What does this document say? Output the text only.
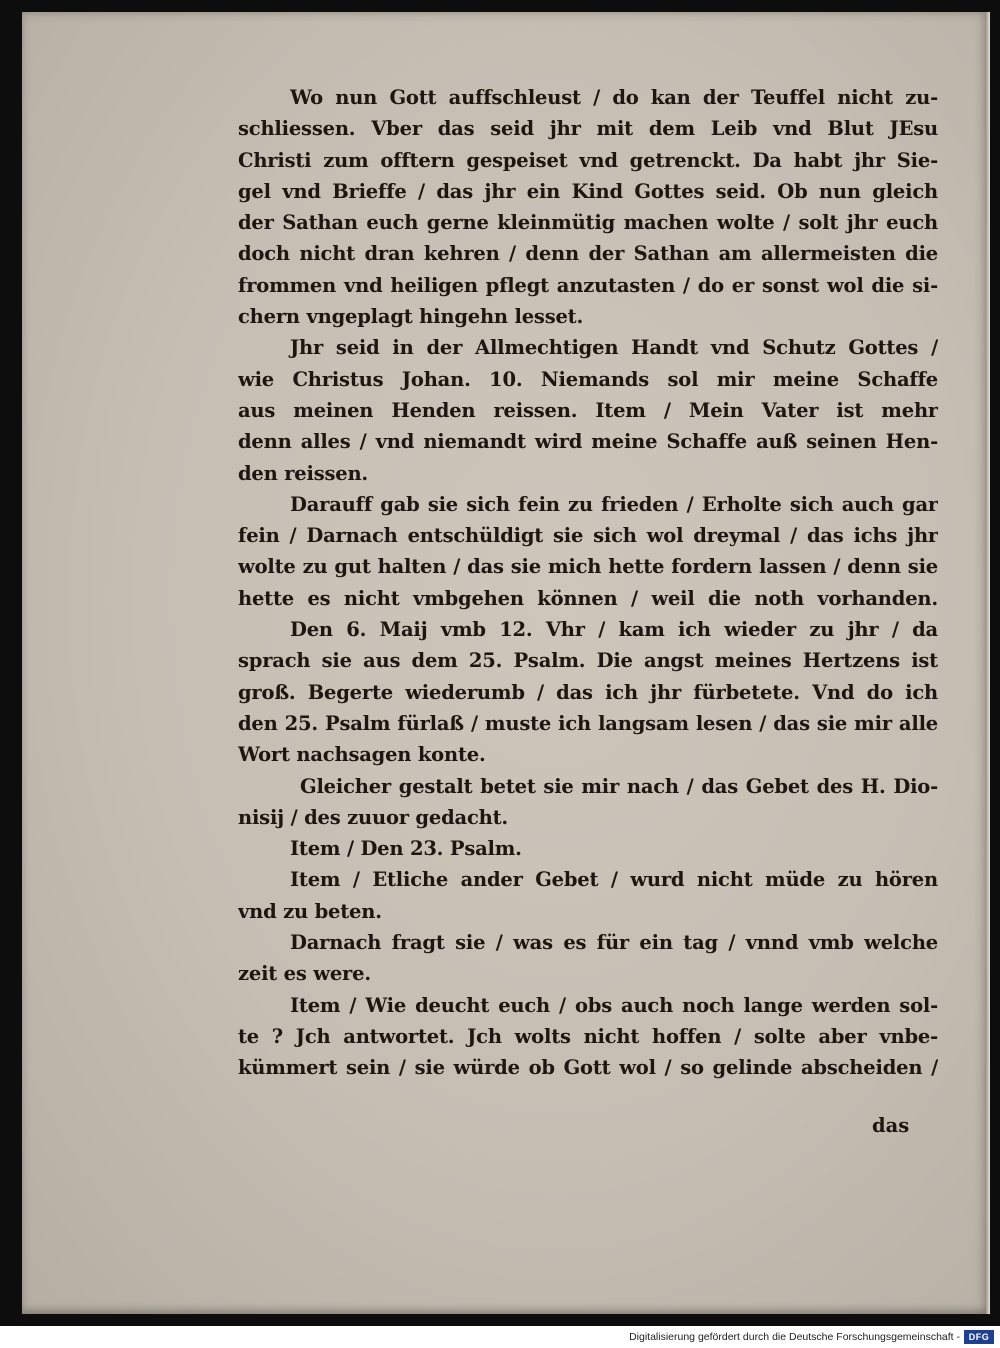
Wo nun Gott auffschleust / do kan der Teuffel nicht zu-
schliessen. Vber das seid jhr mit dem Leib vnd Blut JEsu
Christi zum offtern gespeiset vnd getrenckt. Da habt jhr Sie-
gel vnd Brieffe / das jhr ein Kind Gottes seid. Ob nun gleich
der Sathan euch gerne kleinmütig machen wolte / solt jhr euch
doch nicht dran kehren / denn der Sathan am allermeisten die
frommen vnd heiligen pflegt anzutasten / do er sonst wol die si-
chern vngeplagt hingehn lesset.
Jhr seid in der Allmechtigen Handt vnd Schutz Gottes /
wie Christus Johan. 10. Niemands sol mir meine Schaffe
aus meinen Henden reissen. Item / Mein Vater ist mehr
denn alles / vnd niemandt wird meine Schaffe auß seinen Hen-
den reissen.
Darauff gab sie sich fein zu frieden / Erholte sich auch gar
fein / Darnach entschüldigt sie sich wol dreymal / das ichs jhr
wolte zu gut halten / das sie mich hette fordern lassen / denn sie
hette es nicht vmbgehen können / weil die noth vorhanden.
Den 6. Maij vmb 12. Vhr / kam ich wieder zu jhr / da
sprach sie aus dem 25. Psalm. Die angst meines Hertzens ist
groß. Begerte wiederumb / das ich jhr fürbetete. Vnd do ich
den 25. Psalm fürlaß / muste ich langsam lesen / das sie mir alle
Wort nachsagen konte.
Gleicher gestalt betet sie mir nach / das Gebet des H. Dio-
nisij / des zuuor gedacht.
Item / Den 23. Psalm.
Item / Etliche ander Gebet / wurd nicht müde zu hören
vnd zu beten.
Darnach fragt sie / was es für ein tag / vnnd vmb welche
zeit es were.
Item / Wie deucht euch / obs auch noch lange werden sol-
te ? Jch antwortet. Jch wolts nicht hoffen / solte aber vnbe-
kümmert sein / sie würde ob Gott wol / so gelinde abscheiden /
das
Digitalisierung gefördert durch die Deutsche Forschungsgemeinschaft - DFG
